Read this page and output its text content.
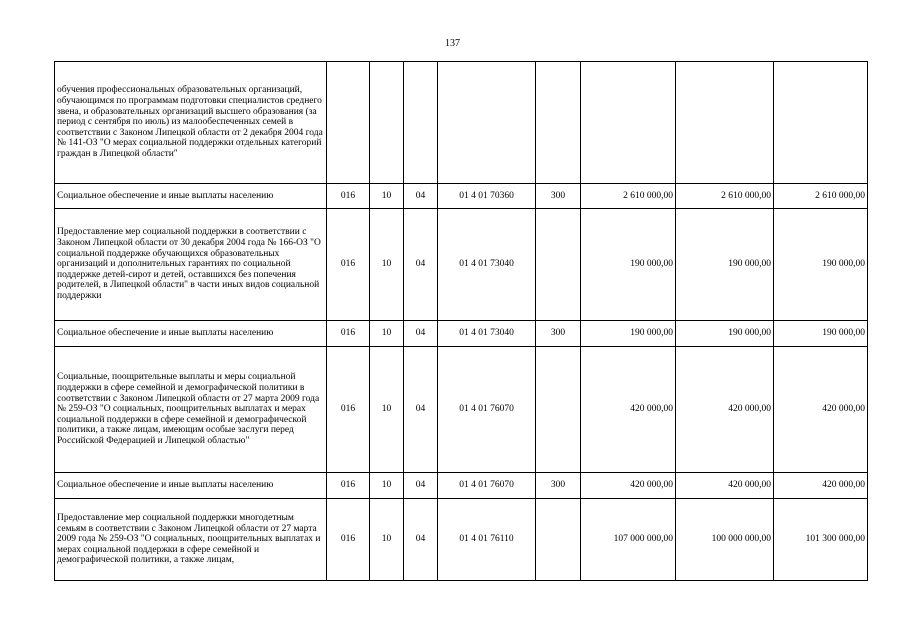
137
обучения профессиональных образовательных организаций, обучающимся по программам подготовки специалистов среднего звена, и образовательных организаций высшего образования (за период с сентября по июль) из малообеспеченных семей в соответствии с Законом Липецкой области от 2 декабря 2004 года № 141-ОЗ "О мерах социальной поддержки отдельных категорий граждан в Липецкой области"								
Социальное обеспечение и иные выплаты населению	016	10	04	01 4 01 70360	300	2 610 000,00	2 610 000,00	2 610 000,00
Предоставление мер социальной поддержки в соответствии с Законом Липецкой области от 30 декабря 2004 года № 166-ОЗ "О социальной поддержке обучающихся образовательных организаций и дополнительных гарантиях по социальной поддержке детей-сирот и детей, оставшихся без попечения родителей, в Липецкой области" в части иных видов социальной поддержки	016	10	04	01 4 01 73040		190 000,00	190 000,00	190 000,00
Социальное обеспечение и иные выплаты населению	016	10	04	01 4 01 73040	300	190 000,00	190 000,00	190 000,00
Социальные, поощрительные выплаты и меры социальной поддержки в сфере семейной и демографической политики в соответствии с Законом Липецкой области от 27 марта 2009 года № 259-ОЗ "О социальных, поощрительных выплатах и мерах социальной поддержки в сфере семейной и демографической политики, а также лицам, имеющим особые заслуги перед Российской Федерацией и Липецкой областью"	016	10	04	01 4 01 76070		420 000,00	420 000,00	420 000,00
Социальное обеспечение и иные выплаты населению	016	10	04	01 4 01 76070	300	420 000,00	420 000,00	420 000,00
Предоставление мер социальной поддержки многодетным семьям в соответствии с Законом Липецкой области от 27 марта 2009 года № 259-ОЗ "О социальных, поощрительных выплатах и мерах социальной поддержки в сфере семейной и демографической политики, а также лицам,	016	10	04	01 4 01 76110		107 000 000,00	100 000 000,00	101 300 000,00
